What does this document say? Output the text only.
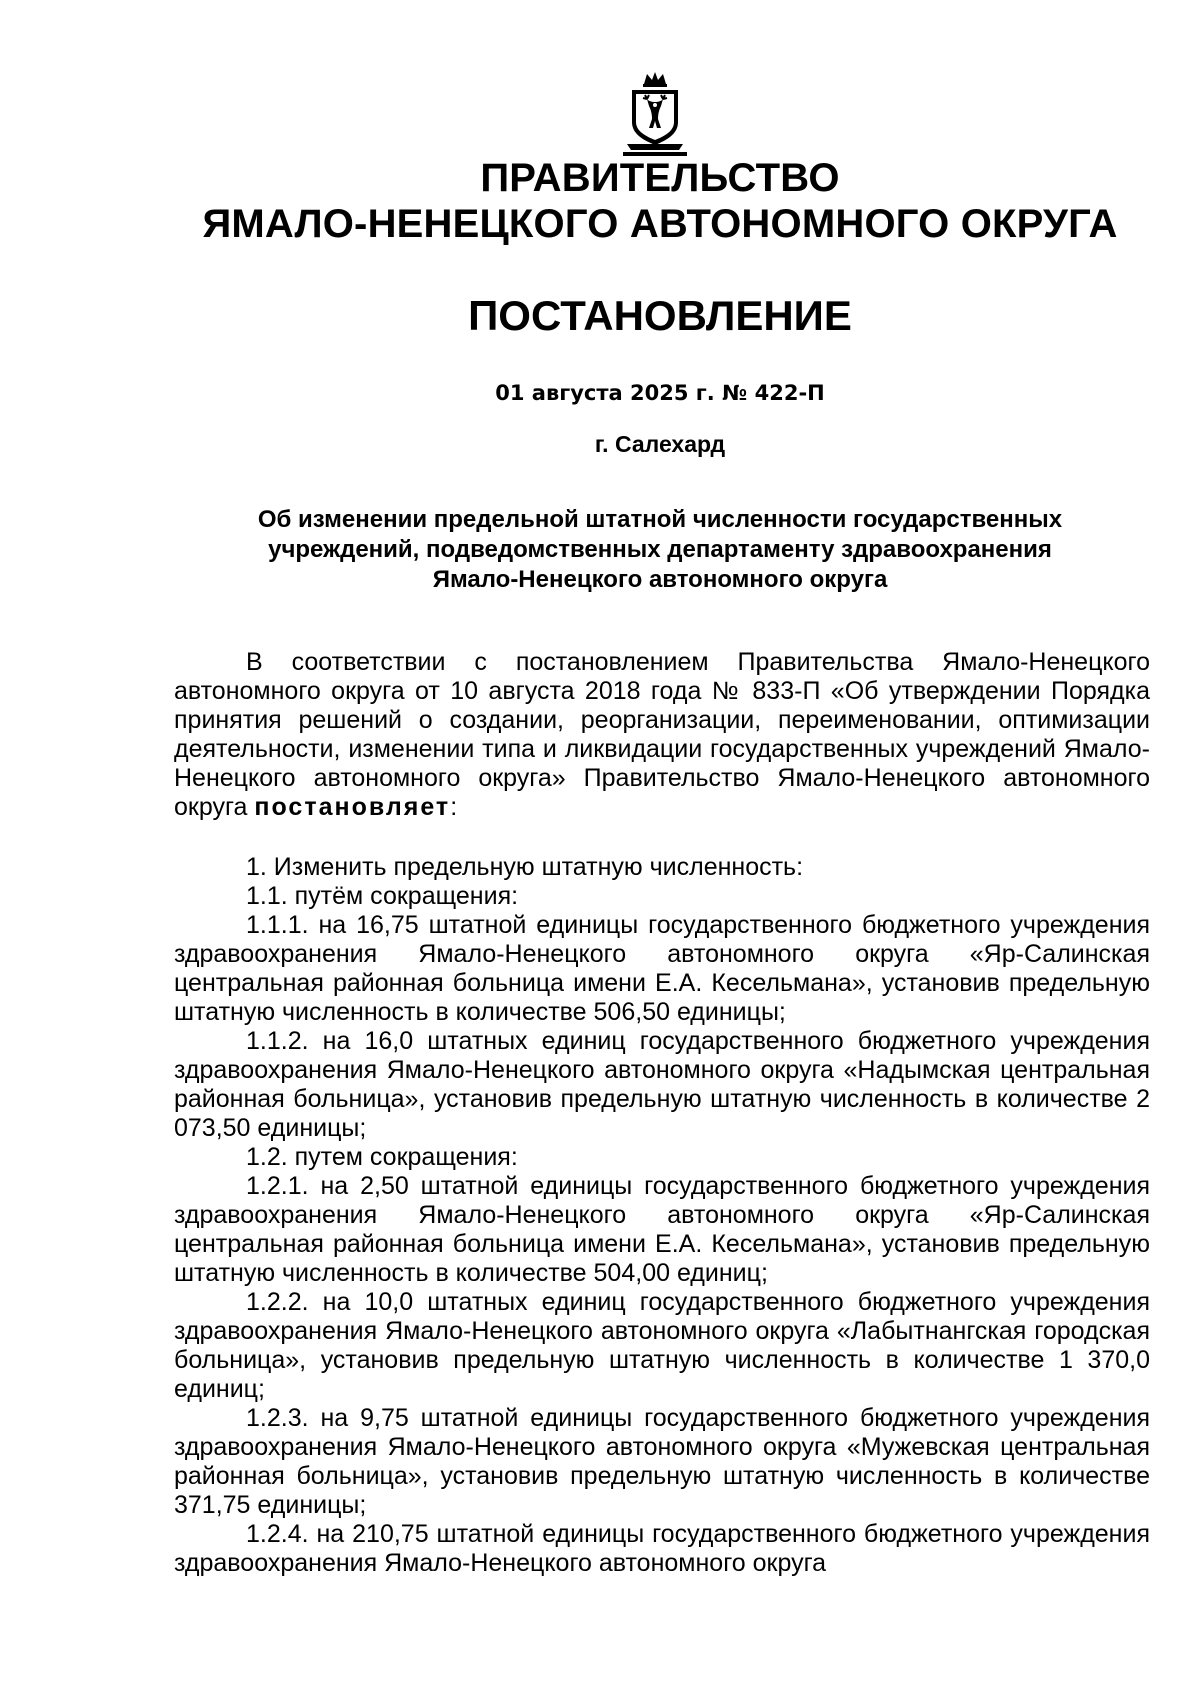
ПРАВИТЕЛЬСТВО
ЯМАЛО-НЕНЕЦКОГО АВТОНОМНОГО ОКРУГА
ПОСТАНОВЛЕНИЕ
01 августа 2025 г. № 422-П
г. Салехард
Об изменении предельной штатной численности государственных
учреждений, подведомственных департаменту здравоохранения
Ямало-Ненецкого автономного округа

В соответствии с постановлением Правительства Ямало-Ненецкого автономного округа от 10 августа 2018 года № 833-П «Об утверждении Порядка принятия решений о создании, реорганизации, переименовании, оптимизации деятельности, изменении типа и ликвидации государственных учреждений Ямало-Ненецкого автономного округа» Правительство Ямало-Ненецкого автономного округа постановляет:

1. Изменить предельную штатную численность:

1.1. путём сокращения:

1.1.1. на 16,75 штатной единицы государственного бюджетного учреждения здравоохранения Ямало-Ненецкого автономного округа «Яр-Салинская центральная районная больница имени Е.А. Кесельмана», установив предельную штатную численность в количестве 506,50 единицы;

1.1.2. на 16,0 штатных единиц государственного бюджетного учреждения здравоохранения Ямало-Ненецкого автономного округа «Надымская центральная районная больница», установив предельную штатную численность в количестве 2 073,50 единицы;

1.2. путем сокращения:

1.2.1. на 2,50 штатной единицы государственного бюджетного учреждения здравоохранения Ямало-Ненецкого автономного округа «Яр-Салинская центральная районная больница имени Е.А. Кесельмана», установив предельную штатную численность в количестве 504,00 единиц;

1.2.2. на 10,0 штатных единиц государственного бюджетного учреждения здравоохранения Ямало-Ненецкого автономного округа «Лабытнангская городская больница», установив предельную штатную численность в количестве 1 370,0 единиц;

1.2.3. на 9,75 штатной единицы государственного бюджетного учреждения здравоохранения Ямало-Ненецкого автономного округа «Мужевская центральная районная больница», установив предельную штатную численность в количестве 371,75 единицы;

1.2.4. на 210,75 штатной единицы государственного бюджетного учреждения здравоохранения Ямало-Ненецкого автономного округа
